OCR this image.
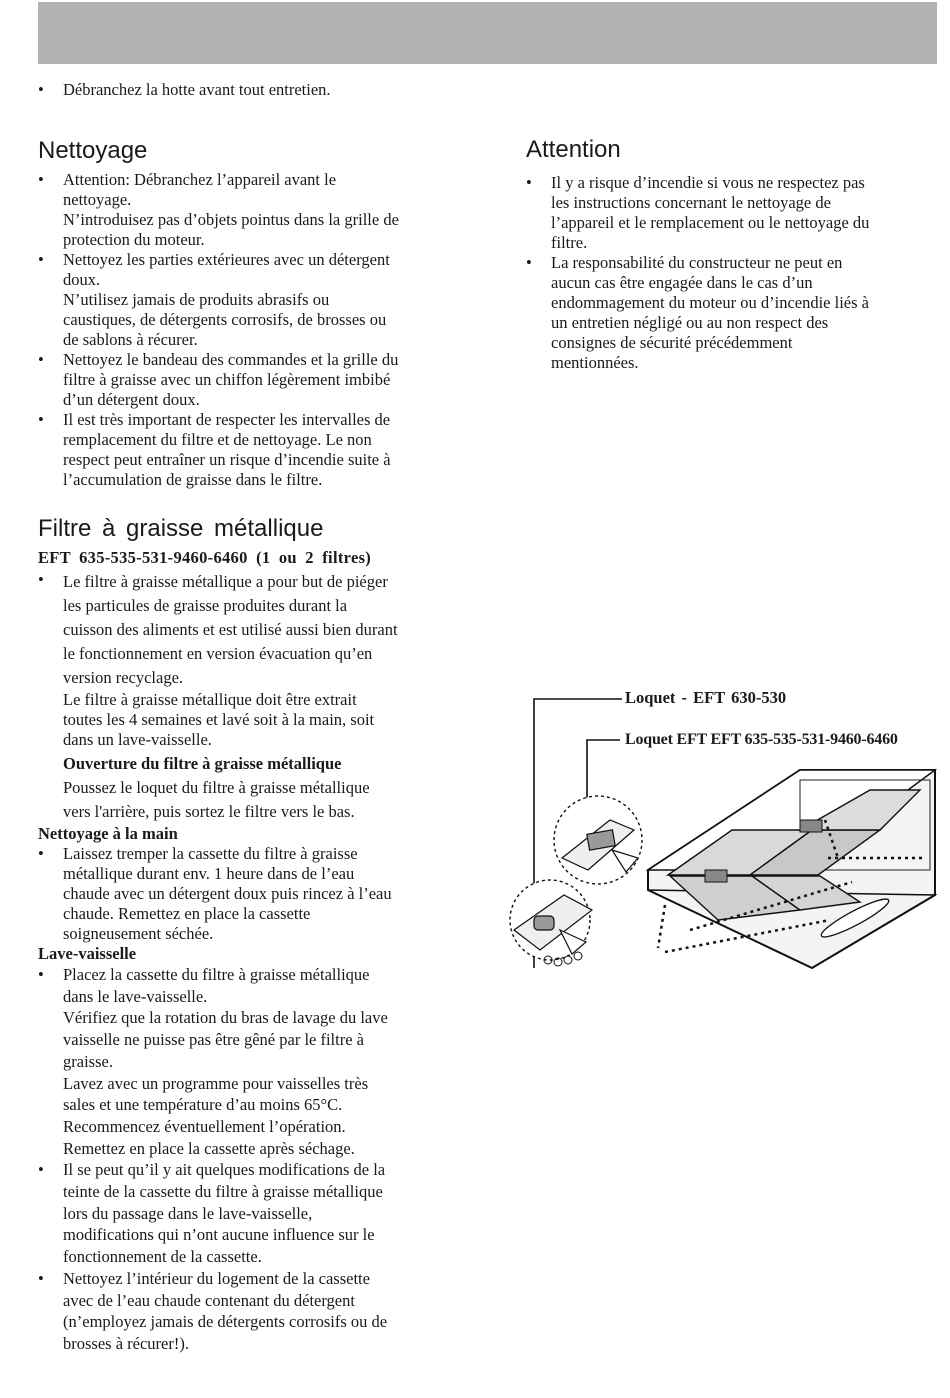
• Débranchez la hotte avant tout entretien.
Nettoyage
• Attention: Débranchez l’appareil avant le
nettoyage.
N’introduisez pas d’objets pointus dans la grille de
protection du moteur.
• Nettoyez les parties extérieures avec un détergent
doux.
N’utilisez jamais de produits abrasifs ou
caustiques, de détergents corrosifs, de brosses ou
de sablons à récurer.
• Nettoyez le bandeau des commandes et la grille du
filtre à graisse avec un chiffon légèrement imbibé
d’un détergent doux.
• Il est très important de respecter les intervalles de
remplacement du filtre et de nettoyage. Le non
respect peut entraîner un risque d’incendie suite à
l’accumulation de graisse dans le filtre.
Filtre à graisse métallique
EFT 635-535-531-9460-6460 (1 ou 2 filtres)
• Le filtre à graisse métallique a pour but de piéger
les particules de graisse produites durant la
cuisson des aliments et est utilisé aussi bien durant
le fonctionnement en version évacuation qu’en
version recyclage.
Le filtre à graisse métallique doit être extrait
toutes les 4 semaines et lavé soit à la main, soit
dans un lave-vaisselle.
Ouverture du filtre à graisse métallique
Poussez le loquet du filtre à graisse métallique
vers l'arrière, puis sortez le filtre vers le bas.
Nettoyage à la main
• Laissez tremper la cassette du filtre à graisse
métallique durant env. 1 heure dans de l’eau
chaude avec un détergent doux puis rincez à l’eau
chaude. Remettez en place la cassette
soigneusement séchée.
Lave-vaisselle
• Placez la cassette du filtre à graisse métallique
dans le lave-vaisselle.
Vérifiez que la rotation du bras de lavage du lave
vaisselle ne puisse pas être gêné par le filtre à
graisse.
Lavez avec un programme pour vaisselles très
sales et une température d’au moins 65°C.
Recommencez éventuellement l’opération.
Remettez en place la cassette après séchage.
• Il se peut qu’il y ait quelques modifications de la
teinte de la cassette du filtre à graisse métallique
lors du passage dans le lave-vaisselle,
modifications qui n’ont aucune influence sur le
fonctionnement de la cassette.
• Nettoyez l’intérieur du logement de la cassette
avec de l’eau chaude contenant du détergent
(n’employez jamais de détergents corrosifs ou de
brosses à récurer!).
Attention
• Il y a risque d’incendie si vous ne respectez pas
les instructions concernant le nettoyage de
l’appareil et le remplacement ou le nettoyage du
filtre.
• La responsabilité du constructeur ne peut en
aucun cas être engagée dans le cas d’un
endommagement du moteur ou d’incendie liés à
un entretien négligé ou au non respect des
consignes de sécurité précédemment
mentionnées.
Loquet - EFT 630-530
Loquet EFT EFT 635-535-531-9460-6460
